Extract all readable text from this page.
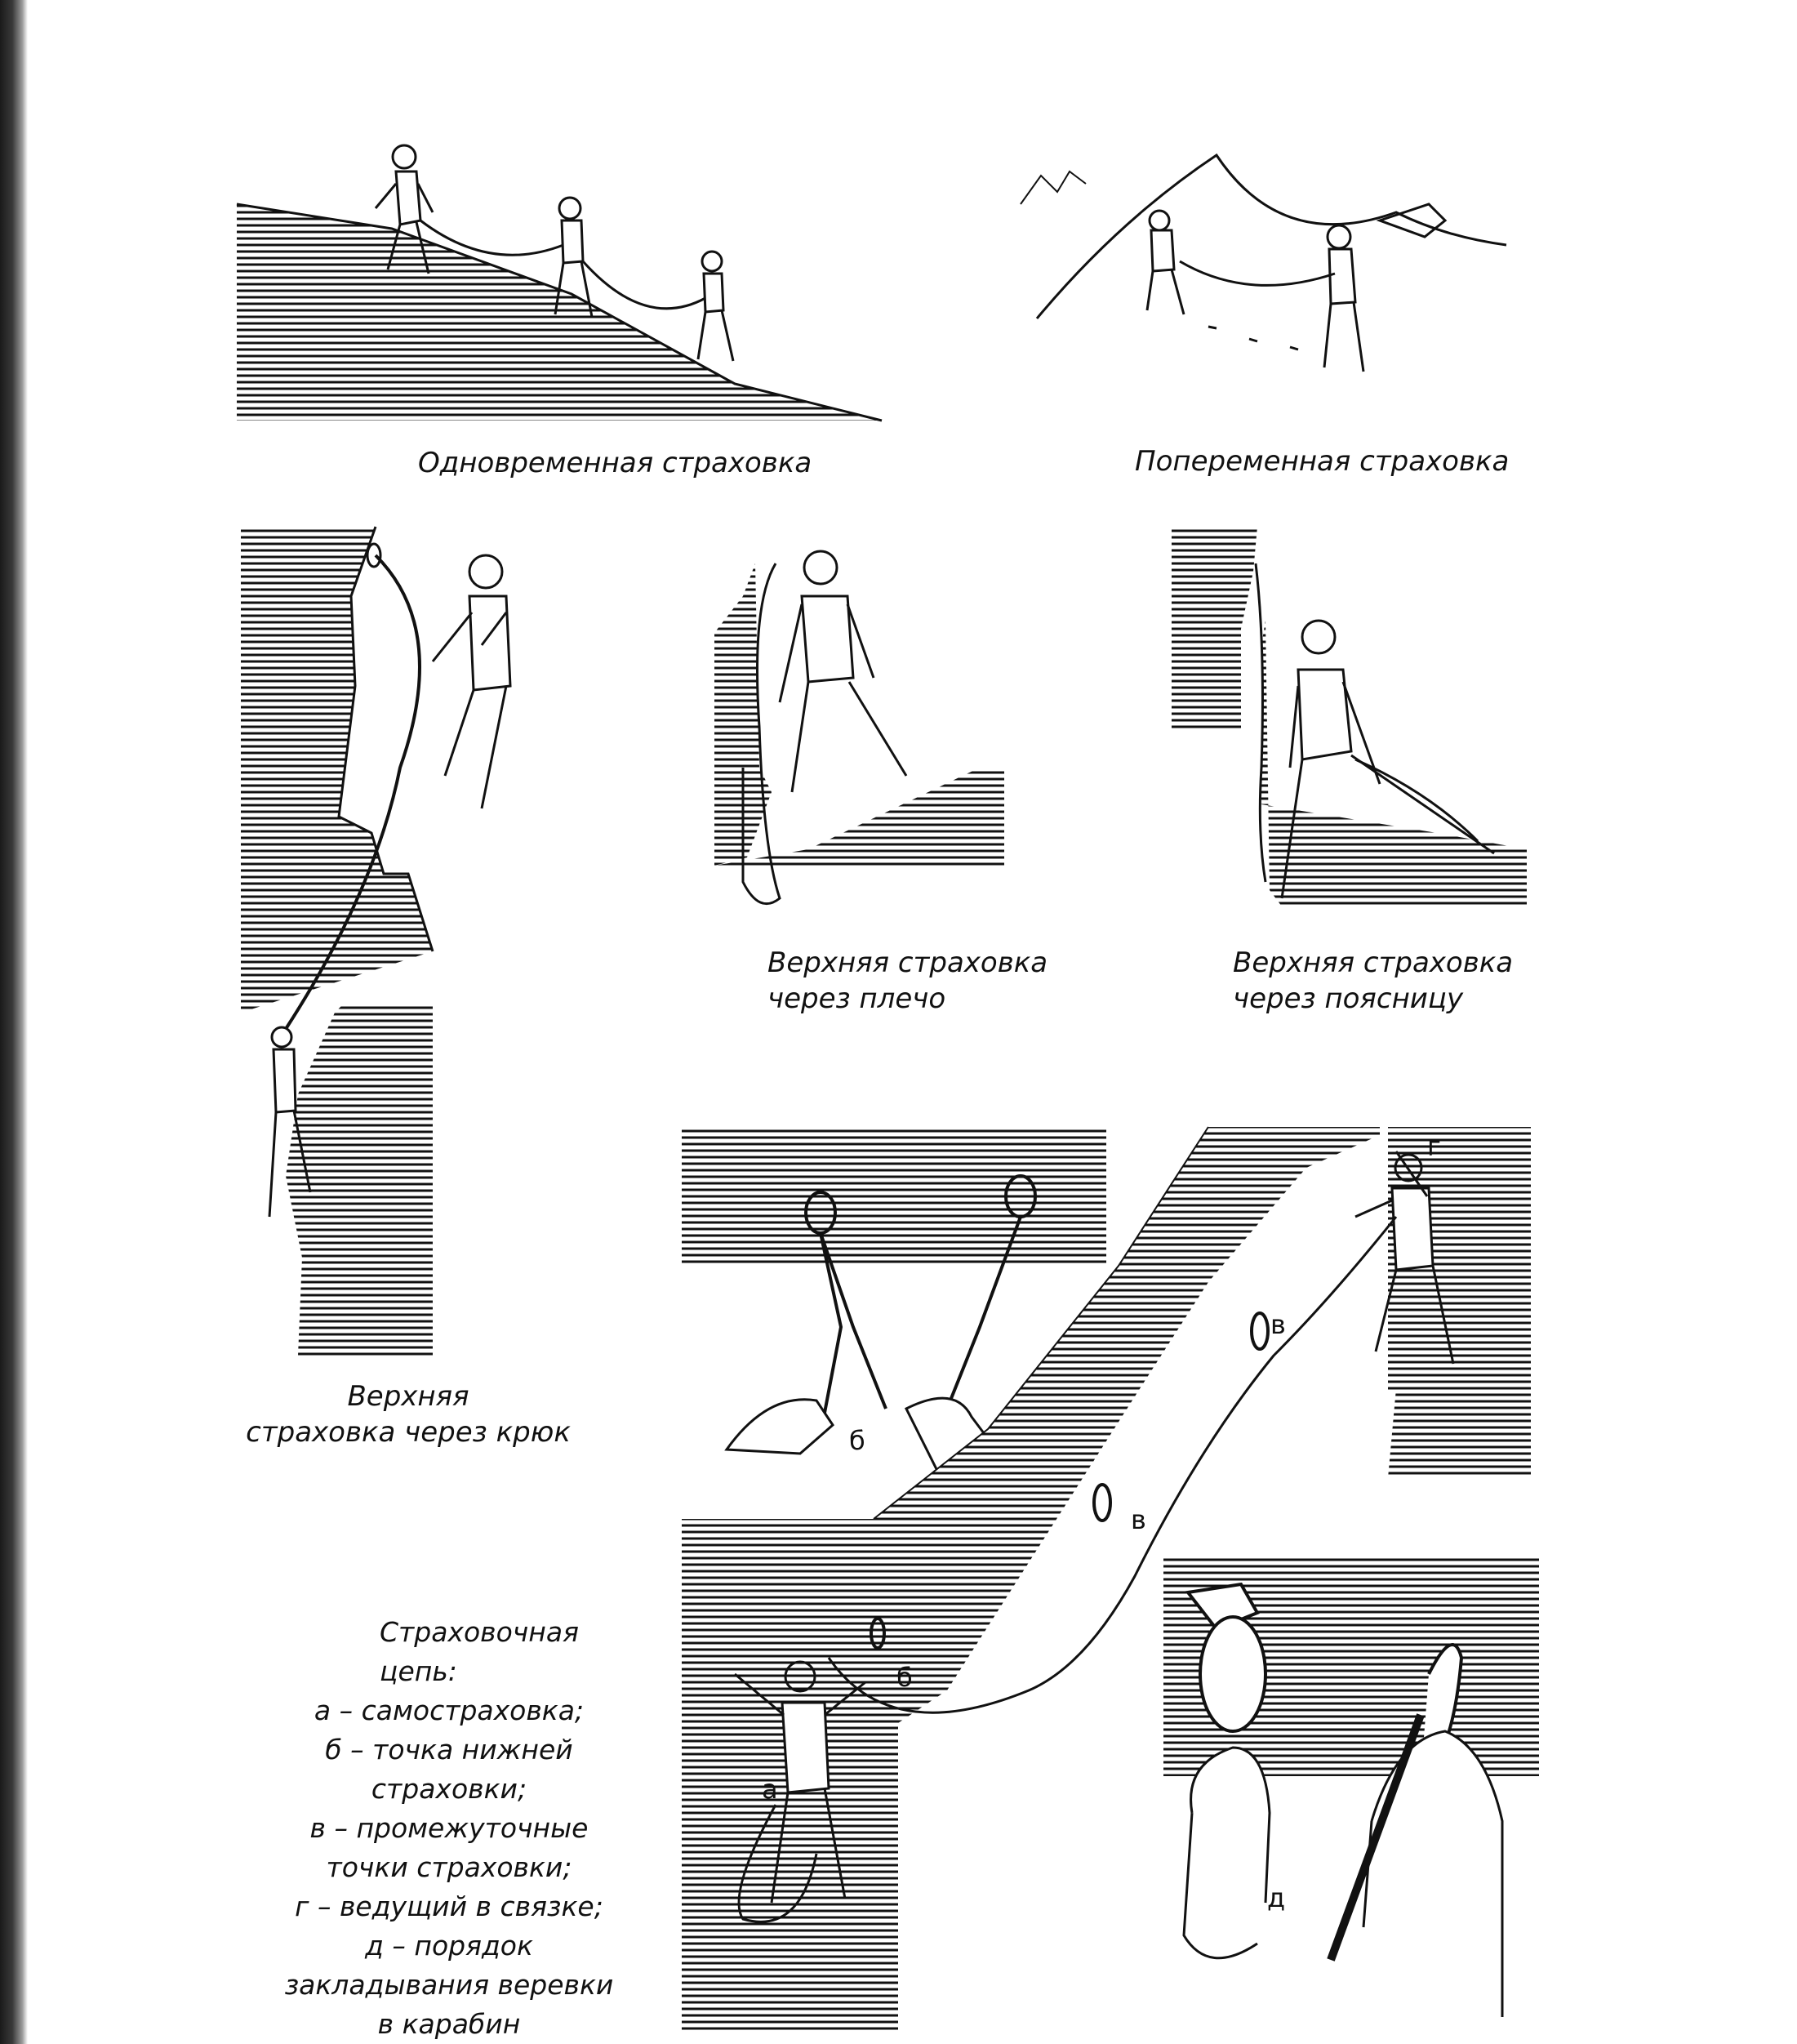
Одновременная страховка	Попеременная страховка
Верхняя
страховка через крюк
Верхняя страховка
через плечо
Верхняя страховка
через поясницу
б
г
в
в
б
а
д
Страховочная
цепь:
а – самостраховка;
б – точка нижней
страховки;
в – промежуточные
точки страховки;
г – ведущий в связке;
д – порядок
закладывания веревки
в карабин
